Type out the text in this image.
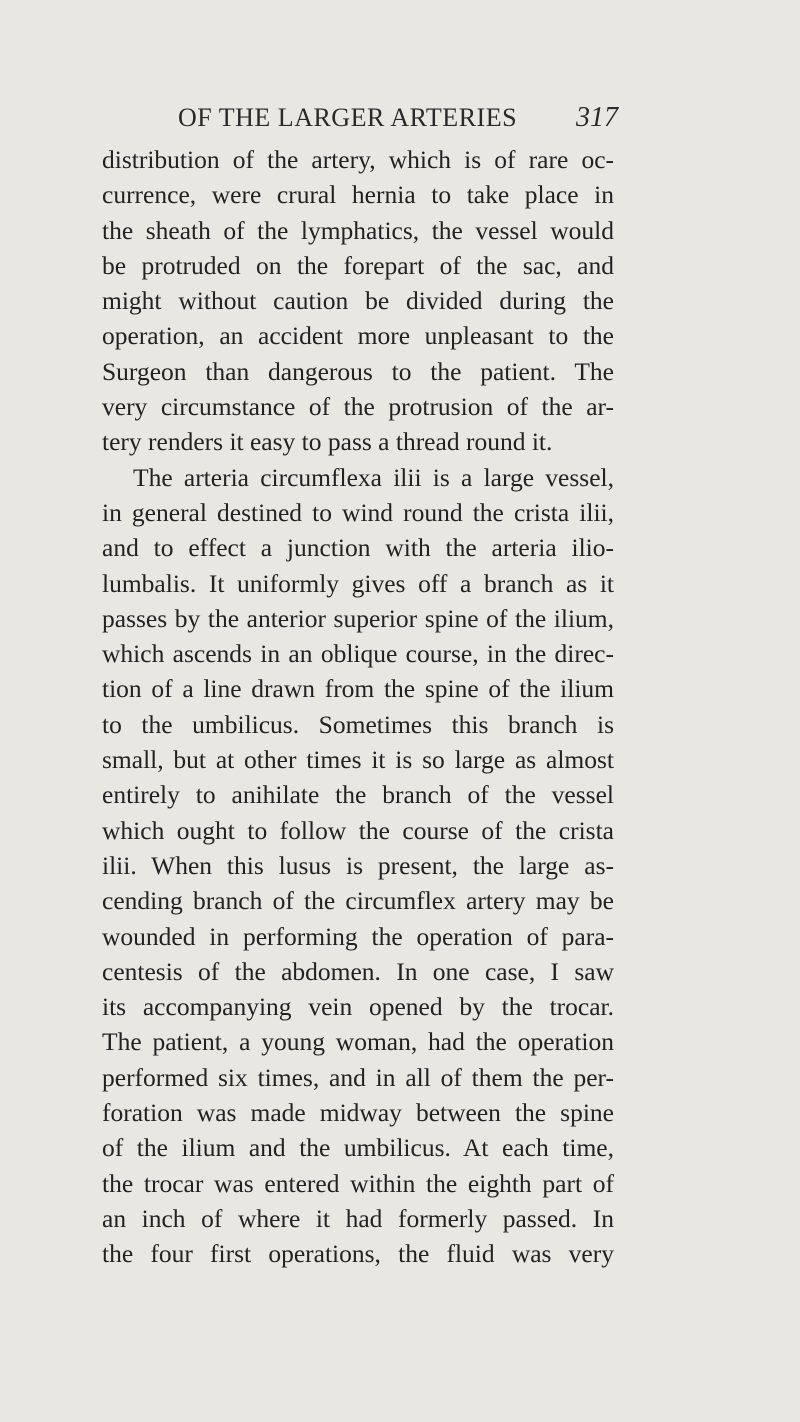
OF THE LARGER ARTERIES 317
distribution of the artery, which is of rare oc-
currence, were crural hernia to take place in
the sheath of the lymphatics, the vessel would
be protruded on the forepart of the sac, and
might without caution be divided during the
operation, an accident more unpleasant to the
Surgeon than dangerous to the patient. The
very circumstance of the protrusion of the ar-
tery renders it easy to pass a thread round it.
The arteria circumflexa ilii is a large vessel,
in general destined to wind round the crista ilii,
and to effect a junction with the arteria ilio-
lumbalis. It uniformly gives off a branch as it
passes by the anterior superior spine of the ilium,
which ascends in an oblique course, in the direc-
tion of a line drawn from the spine of the ilium
to the umbilicus. Sometimes this branch is
small, but at other times it is so large as almost
entirely to anihilate the branch of the vessel
which ought to follow the course of the crista
ilii. When this lusus is present, the large as-
cending branch of the circumflex artery may be
wounded in performing the operation of para-
centesis of the abdomen. In one case, I saw
its accompanying vein opened by the trocar.
The patient, a young woman, had the operation
performed six times, and in all of them the per-
foration was made midway between the spine
of the ilium and the umbilicus. At each time,
the trocar was entered within the eighth part of
an inch of where it had formerly passed. In
the four first operations, the fluid was very
